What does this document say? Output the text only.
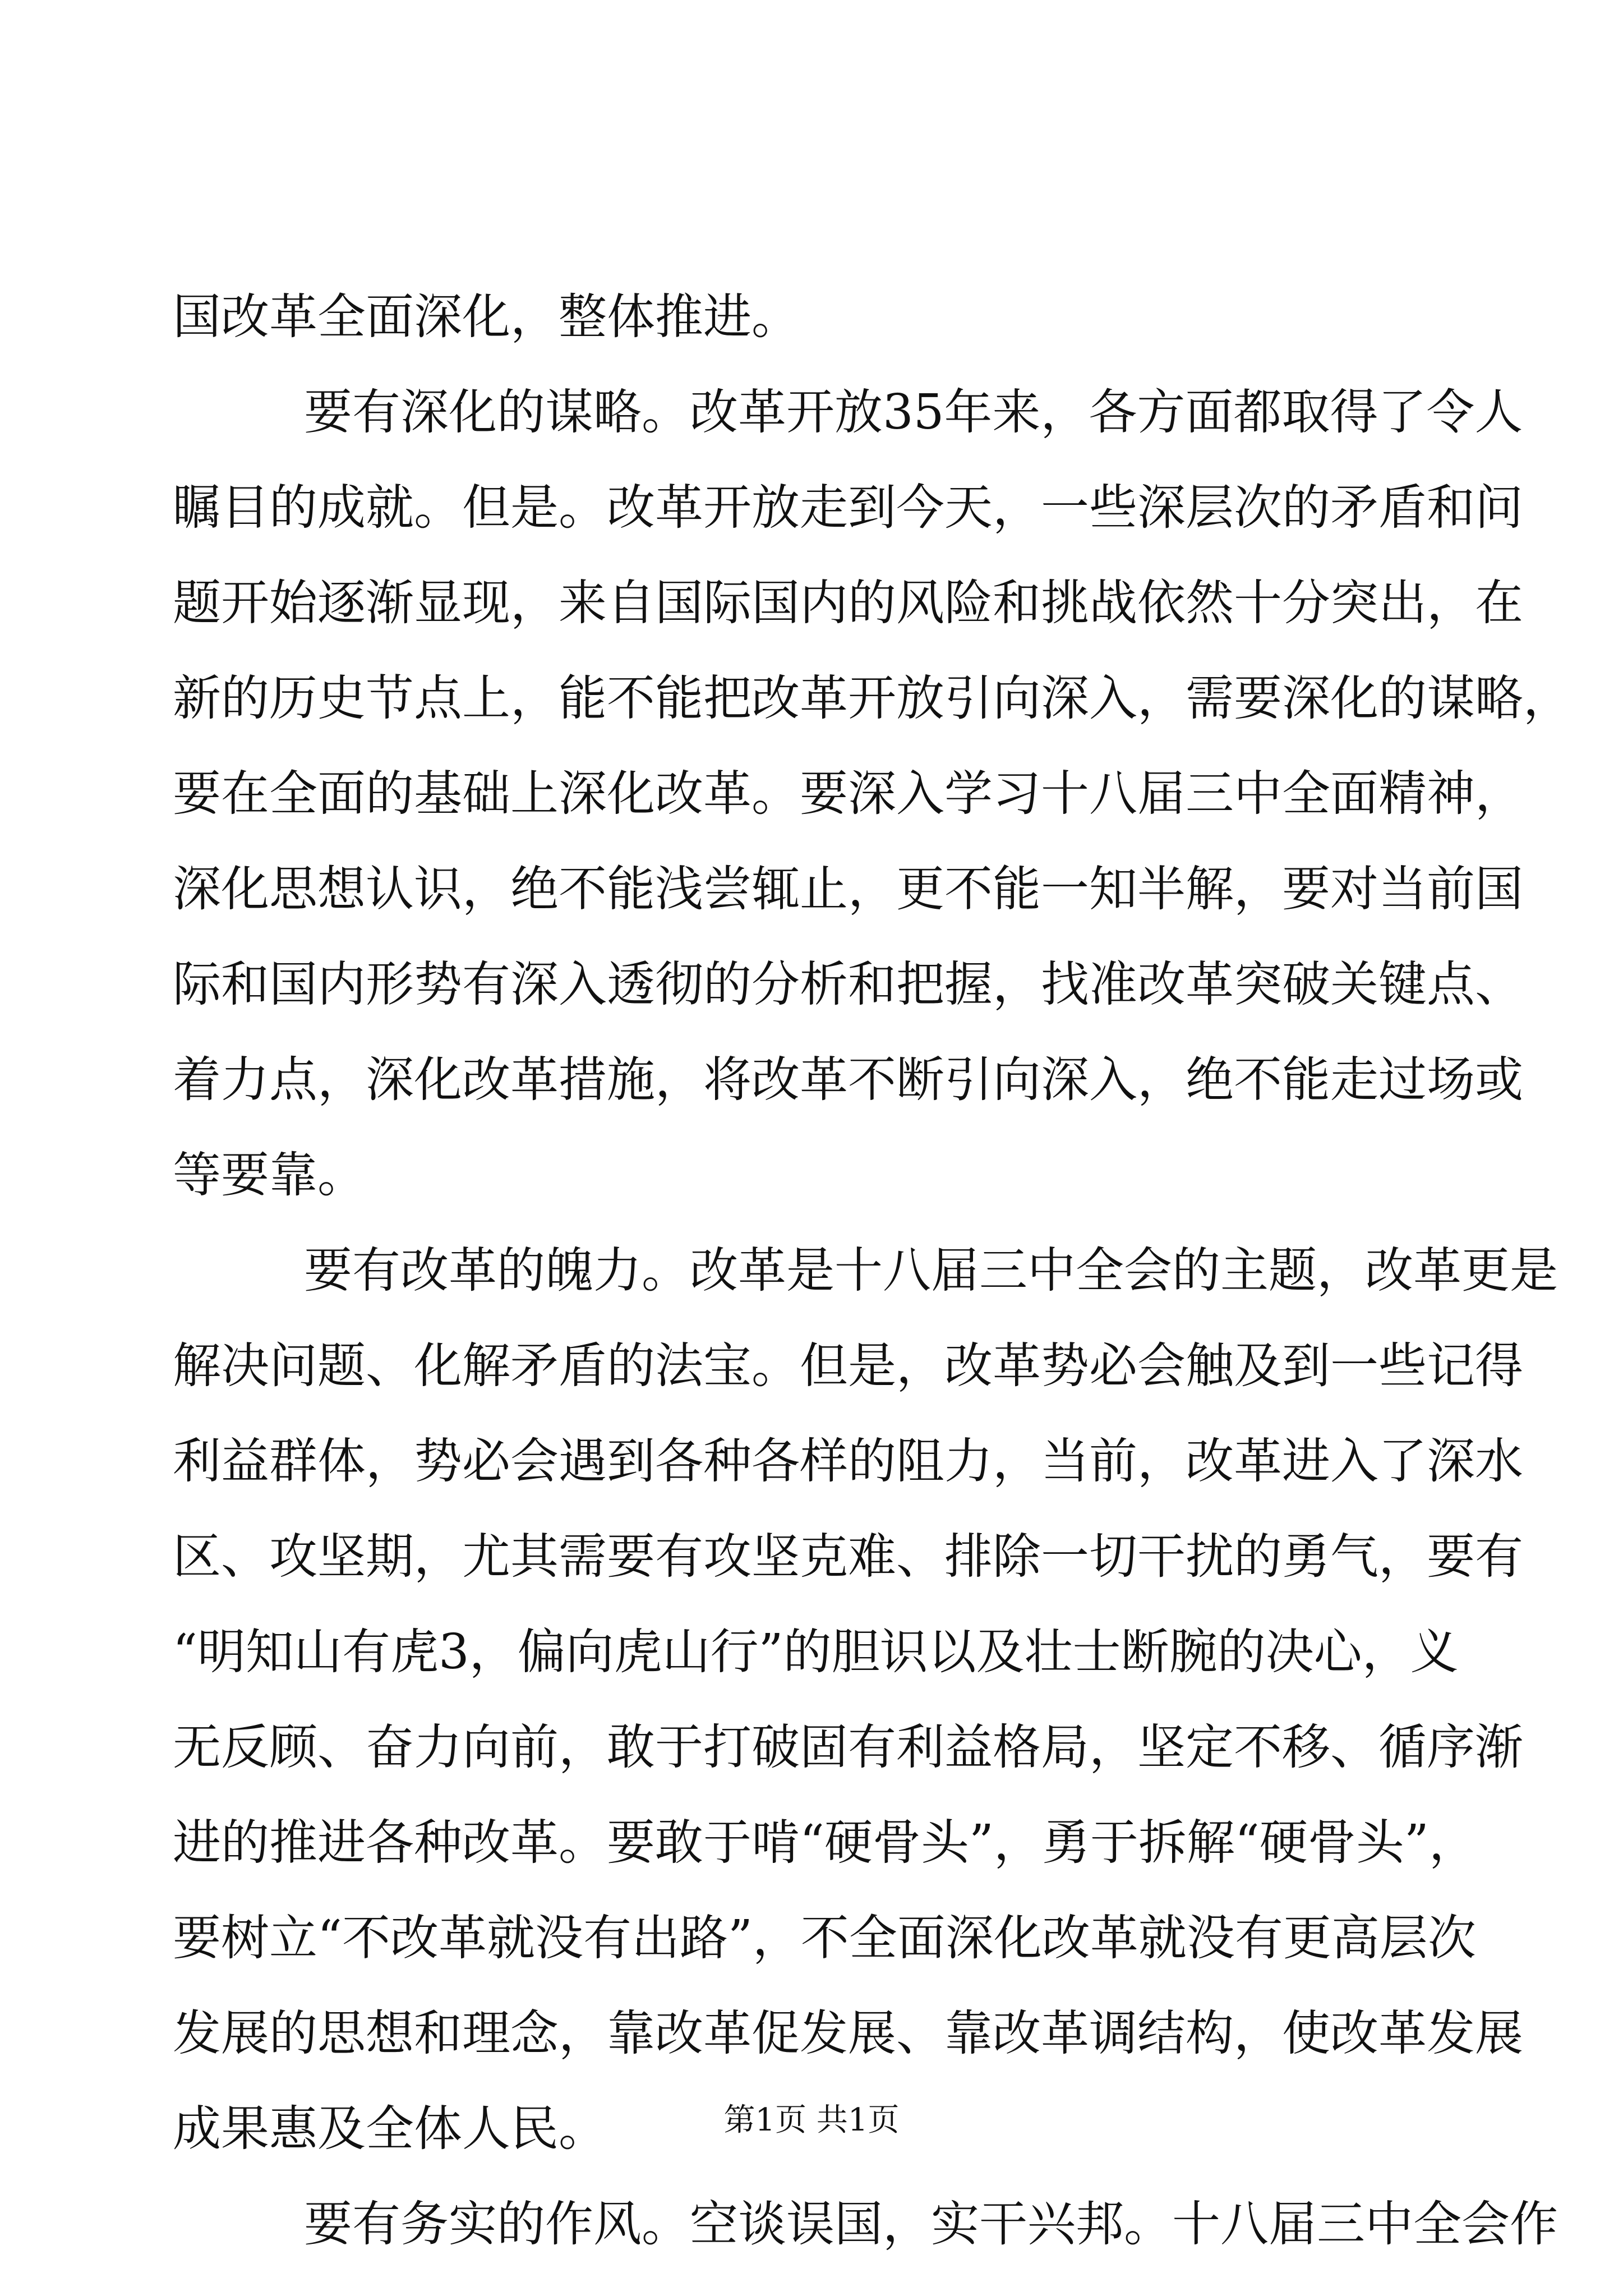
国改革全面深化，整体推进。
要有深化的谋略。改革开放35年来，各方面都取得了令人
瞩目的成就。但是。改革开放走到今天，一些深层次的矛盾和问
题开始逐渐显现，来自国际国内的风险和挑战依然十分突出，在
新的历史节点上，能不能把改革开放引向深入，需要深化的谋略，
要在全面的基础上深化改革。要深入学习十八届三中全面精神，
深化思想认识，绝不能浅尝辄止，更不能一知半解，要对当前国
际和国内形势有深入透彻的分析和把握，找准改革突破关键点、
着力点，深化改革措施，将改革不断引向深入，绝不能走过场或
等要靠。
要有改革的魄力。改革是十八届三中全会的主题，改革更是
解决问题、化解矛盾的法宝。但是，改革势必会触及到一些记得
利益群体，势必会遇到各种各样的阻力，当前，改革进入了深水
区、攻坚期，尤其需要有攻坚克难、排除一切干扰的勇气，要有
“明知山有虎3，偏向虎山行”的胆识以及壮士断腕的决心，义
无反顾、奋力向前，敢于打破固有利益格局，坚定不移、循序渐
进的推进各种改革。要敢于啃“硬骨头”，勇于拆解“硬骨头”，
要树立“不改革就没有出路”，不全面深化改革就没有更高层次
发展的思想和理念，靠改革促发展、靠改革调结构，使改革发展
成果惠及全体人民。
要有务实的作风。空谈误国，实干兴邦。十八届三中全会作
第1页 共1页
